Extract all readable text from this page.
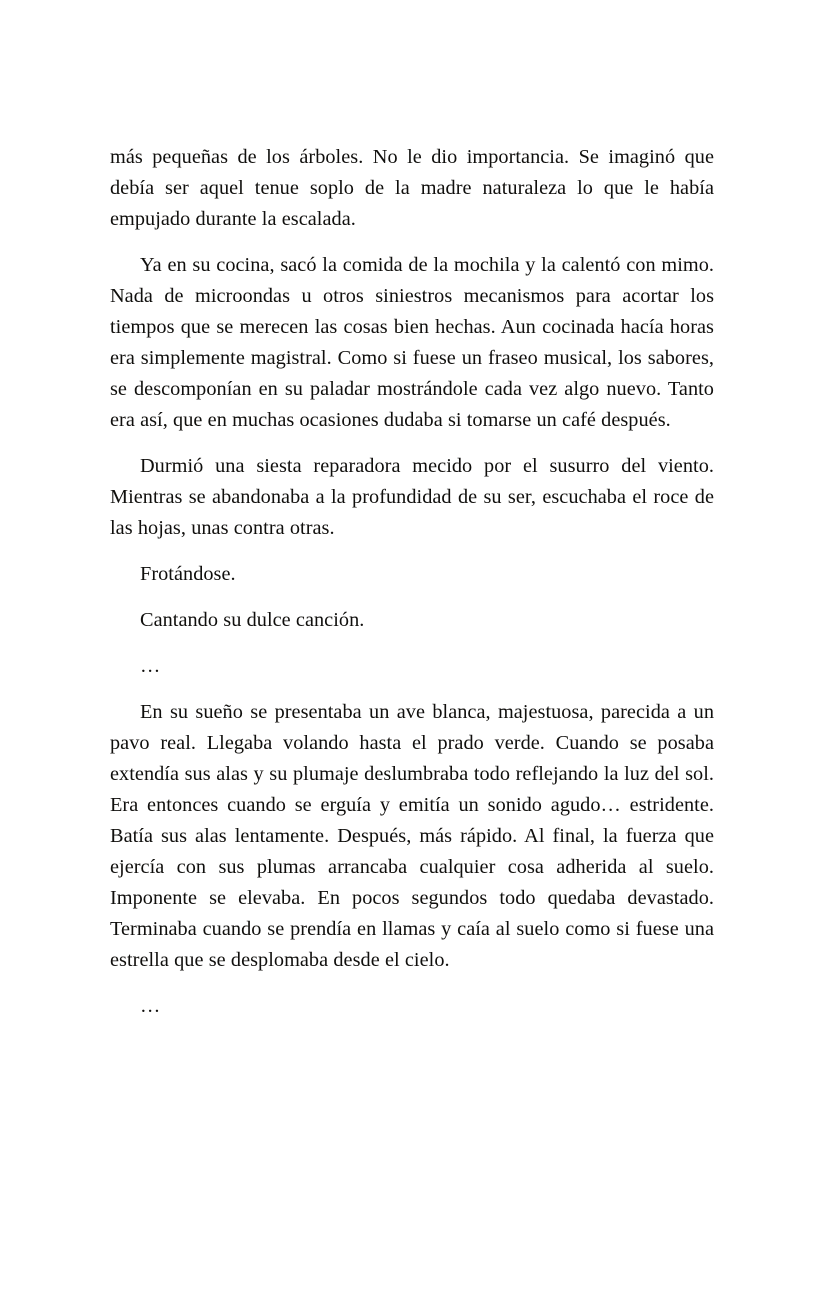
más pequeñas de los árboles. No le dio importancia. Se imaginó que debía ser aquel tenue soplo de la madre naturaleza lo que le había empujado durante la escalada.

Ya en su cocina, sacó la comida de la mochila y la calentó con mimo. Nada de microondas u otros siniestros mecanismos para acortar los tiempos que se merecen las cosas bien hechas. Aun cocinada hacía horas era simplemente magistral. Como si fuese un fraseo musical, los sabores, se descomponían en su paladar mostrándole cada vez algo nuevo. Tanto era así, que en muchas ocasiones dudaba si tomarse un café después.

Durmió una siesta reparadora mecido por el susurro del viento. Mientras se abandonaba a la profundidad de su ser, escuchaba el roce de las hojas, unas contra otras.

Frotándose.

Cantando su dulce canción.

…

En su sueño se presentaba un ave blanca, majestuosa, parecida a un pavo real. Llegaba volando hasta el prado verde. Cuando se posaba extendía sus alas y su plumaje deslumbraba todo reflejando la luz del sol. Era entonces cuando se erguía y emitía un sonido agudo… estridente. Batía sus alas lentamente. Después, más rápido. Al final, la fuerza que ejercía con sus plumas arrancaba cualquier cosa adherida al suelo. Imponente se elevaba. En pocos segundos todo quedaba devastado. Terminaba cuando se prendía en llamas y caía al suelo como si fuese una estrella que se desplomaba desde el cielo.

…
